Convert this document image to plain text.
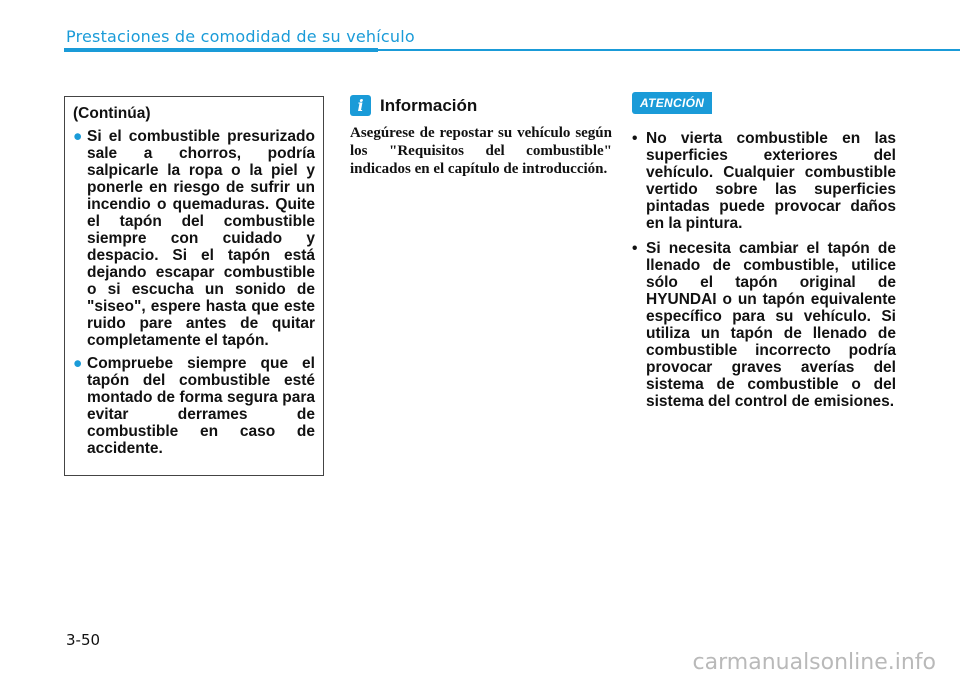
Prestaciones de comodidad de su vehículo

(Continúa)

● Si el combustible presurizado sale a chorros, podría salpicarle la ropa o la piel y ponerle en riesgo de sufrir un incendio o quemaduras. Quite el tapón del combustible siempre con cuidado y despacio. Si el tapón está dejando escapar combustible o si escucha un sonido de "siseo", espere hasta que este ruido pare antes de quitar completamente el tapón.
● Compruebe siempre que el tapón del combustible esté montado de forma segura para evitar derrames de combustible en caso de accidente.
i Información

Asegúrese de repostar su vehículo según los "Requisitos del combustible" indicados en el capítulo de introducción.

ATENCIÓN
• No vierta combustible en las superficies exteriores del vehículo. Cualquier combustible vertido sobre las superficies pintadas puede provocar daños en la pintura.
• Si necesita cambiar el tapón de llenado de combustible, utilice sólo el tapón original de HYUNDAI o un tapón equivalente específico para su vehículo. Si utiliza un tapón de llenado de combustible incorrecto podría provocar graves averías del sistema de combustible o del sistema del control de emisiones.
3-50
carmanualsonline.info
